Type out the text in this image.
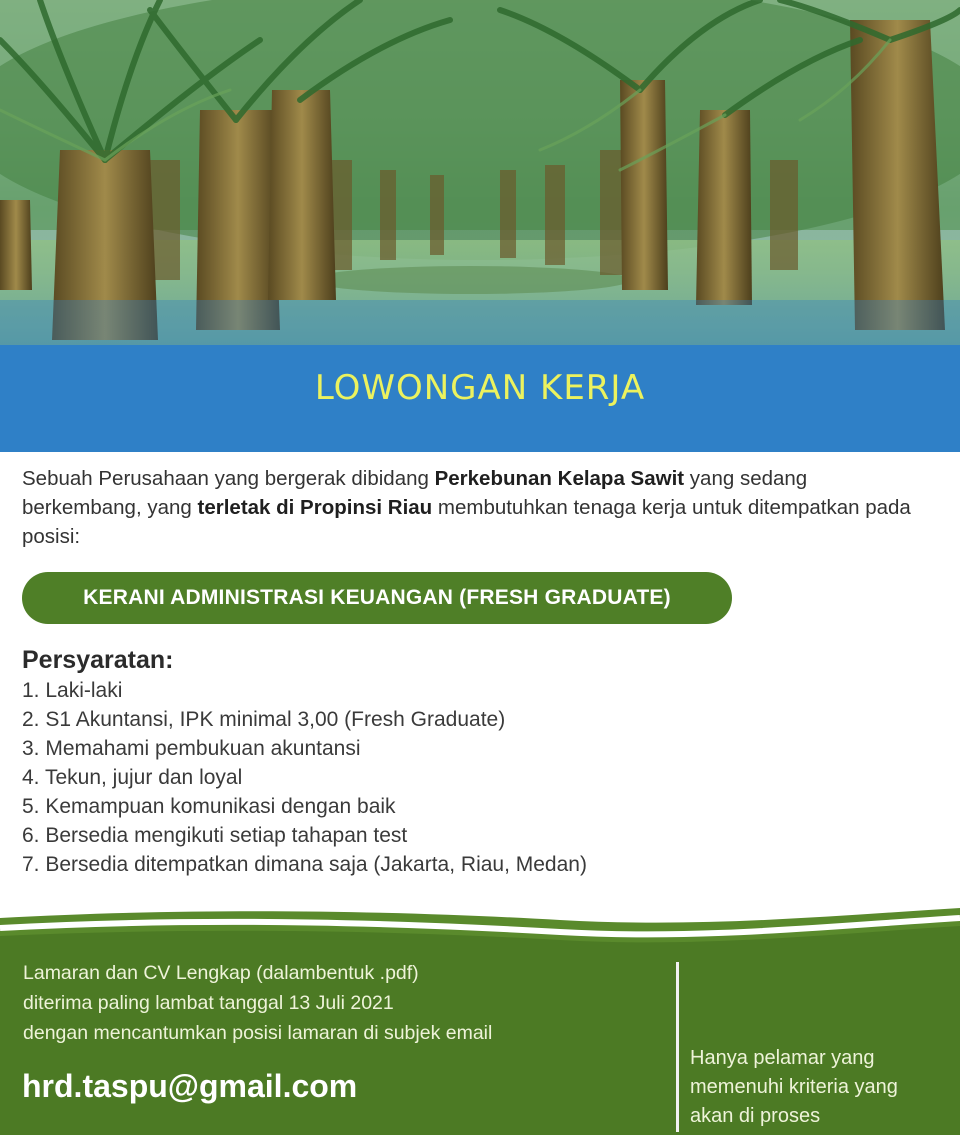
LOWONGAN KERJA
Sebuah Perusahaan yang bergerak dibidang Perkebunan Kelapa Sawit yang sedang berkembang, yang terletak di Propinsi Riau membutuhkan tenaga kerja untuk ditempatkan pada posisi:
KERANI ADMINISTRASI KEUANGAN (FRESH GRADUATE)
Persyaratan:
1. Laki-laki
2. S1 Akuntansi, IPK minimal 3,00 (Fresh Graduate)
3. Memahami pembukuan akuntansi
4. Tekun, jujur dan loyal
5. Kemampuan komunikasi dengan baik
6. Bersedia mengikuti setiap tahapan test
7. Bersedia ditempatkan dimana saja (Jakarta, Riau, Medan)
Lamaran dan CV Lengkap (dalambentuk .pdf)
diterima paling lambat tanggal 13 Juli 2021
dengan mencantumkan posisi lamaran di subjek email
hrd.taspu@gmail.com
Hanya pelamar yang
memenuhi kriteria yang
akan di proses
